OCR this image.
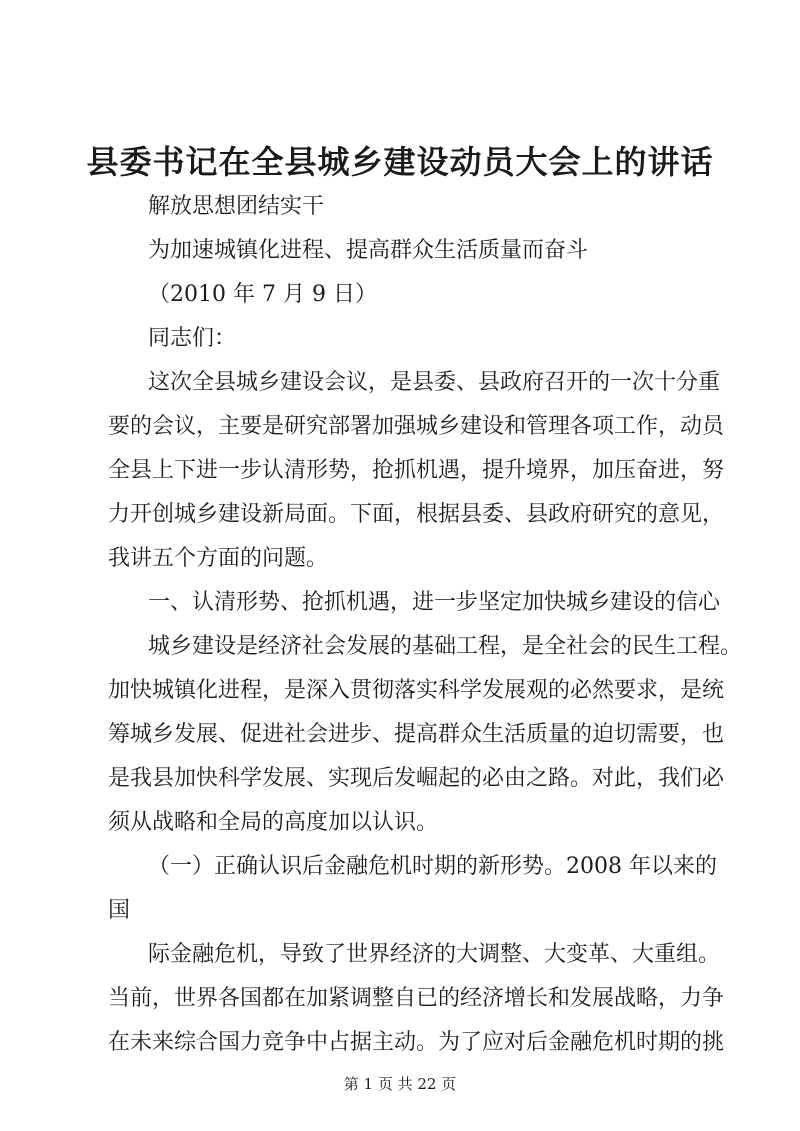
县委书记在全县城乡建设动员大会上的讲话
解放思想团结实干
为加速城镇化进程、提高群众生活质量而奋斗
（2010 年 7 月 9 日）
同志们：
这次全县城乡建设会议，是县委、县政府召开的一次十分重
要的会议，主要是研究部署加强城乡建设和管理各项工作，动员
全县上下进一步认清形势，抢抓机遇，提升境界，加压奋进，努
力开创城乡建设新局面。下面，根据县委、县政府研究的意见，
我讲五个方面的问题。
一、认清形势、抢抓机遇，进一步坚定加快城乡建设的信心
城乡建设是经济社会发展的基础工程，是全社会的民生工程。
加快城镇化进程，是深入贯彻落实科学发展观的必然要求，是统
筹城乡发展、促进社会进步、提高群众生活质量的迫切需要，也
是我县加快科学发展、实现后发崛起的必由之路。对此，我们必
须从战略和全局的高度加以认识。
（一）正确认识后金融危机时期的新形势。2008 年以来的
国
际金融危机，导致了世界经济的大调整、大变革、大重组。
当前，世界各国都在加紧调整自已的经济增长和发展战略，力争
第 1 页 共 22 页
在未来综合国力竞争中占据主动。为了应对后金融危机时期的挑
